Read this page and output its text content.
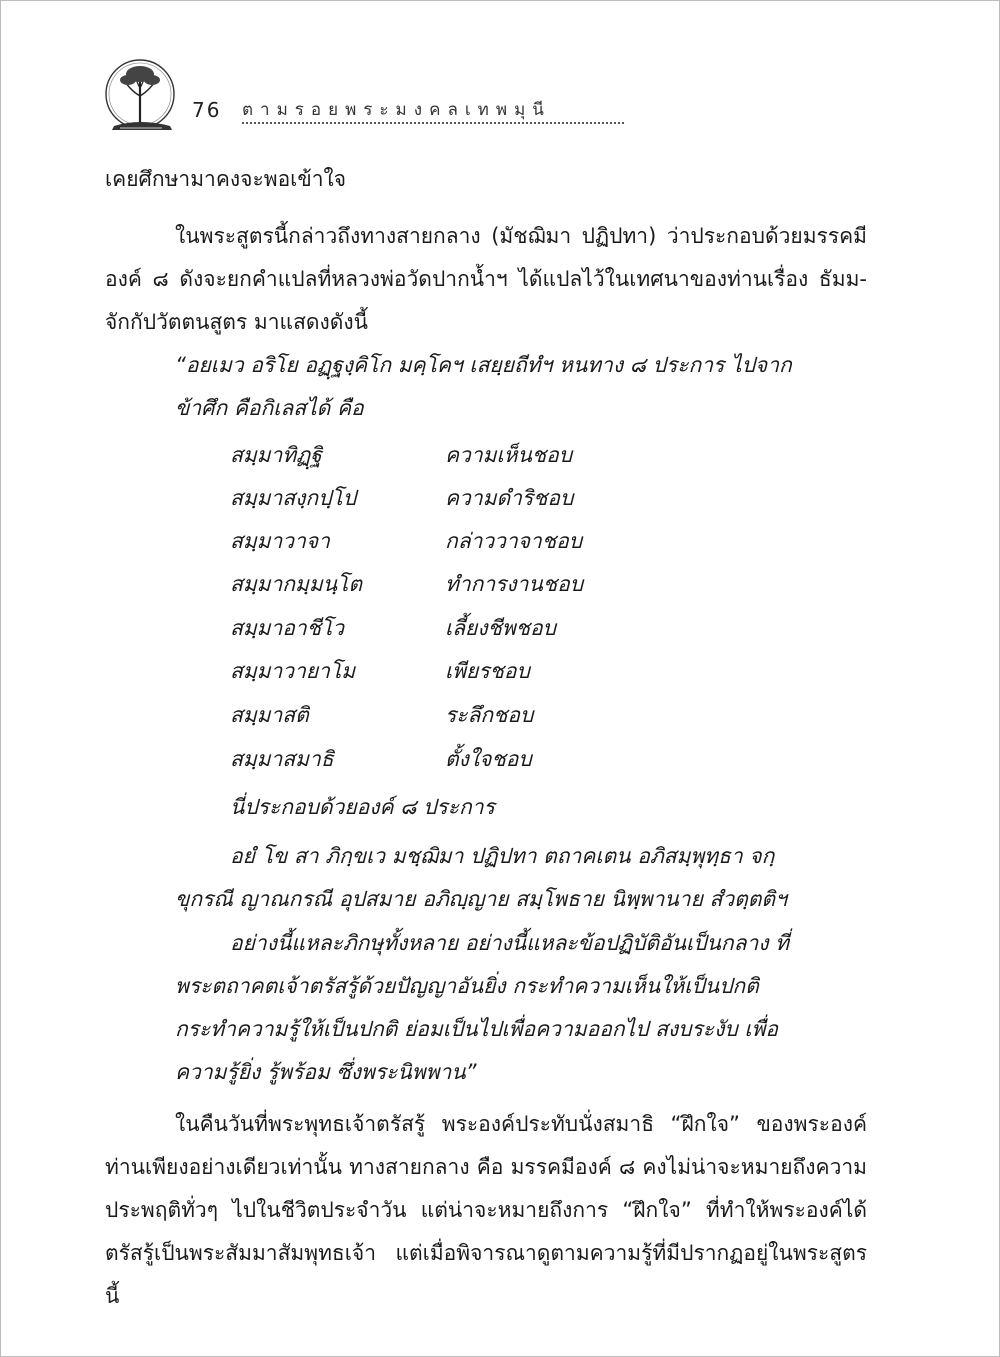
76 ตามรอยพระมงคลเทพมุนี

เคยศึกษามาคงจะพอเข้าใจ

ในพระสูตรนี้กล่าวถึงทางสายกลาง (มัชฌิมา ปฏิปทา) ว่าประกอบด้วยมรรคมีองค์ ๘ ดังจะยกคำแปลที่หลวงพ่อวัดปากน้ำฯ ได้แปลไว้ในเทศนาของท่านเรื่อง ธัมม-จักกัปวัตตนสูตร มาแสดงดังนี้

“อยเมว อริโย อฏฺฐงฺคิโก มคฺโคฯ เสยฺยถีทํฯ หนทาง ๘ ประการ ไปจากข้าศึก คือกิเลสได้ คือ

สมฺมาทิฏฺฐิ	ความเห็นชอบ
สมฺมาสงฺกปฺโป	ความดำริชอบ
สมฺมาวาจา	กล่าววาจาชอบ
สมฺมากมฺมนฺโต	ทำการงานชอบ
สมฺมาอาชีโว	เลี้ยงชีพชอบ
สมฺมาวายาโม	เพียรชอบ
สมฺมาสติ	ระลึกชอบ
สมฺมาสมาธิ	ตั้งใจชอบ
นี่ประกอบด้วยองค์ ๘ ประการ

อยํ โข สา ภิกฺขเว มชฺฌิมา ปฏิปทา ตถาคเตน อภิสมฺพุทฺธา จกฺขุกรณี ญาณกรณี อุปสมาย อภิญฺญาย สมฺโพธาย นิพฺพานาย สํวตฺตติฯ

อย่างนี้แหละภิกษุทั้งหลาย อย่างนี้แหละข้อปฏิบัติอันเป็นกลาง ที่พระตถาคตเจ้าตรัสรู้ด้วยปัญญาอันยิ่ง กระทำความเห็นให้เป็นปกติ กระทำความรู้ให้เป็นปกติ ย่อมเป็นไปเพื่อความออกไป สงบระงับ เพื่อความรู้ยิ่ง รู้พร้อม ซึ่งพระนิพพาน”

ในคืนวันที่พระพุทธเจ้าตรัสรู้ พระองค์ประทับนั่งสมาธิ “ฝึกใจ” ของพระองค์ท่านเพียงอย่างเดียวเท่านั้น ทางสายกลาง คือ มรรคมีองค์ ๘ คงไม่น่าจะหมายถึงความประพฤติทั่วๆ ไปในชีวิตประจำวัน แต่น่าจะหมายถึงการ “ฝึกใจ” ที่ทำให้พระองค์ได้ตรัสรู้เป็นพระสัมมาสัมพุทธเจ้า แต่เมื่อพิจารณาดูตามความรู้ที่มีปรากฏอยู่ในพระสูตรนี้
